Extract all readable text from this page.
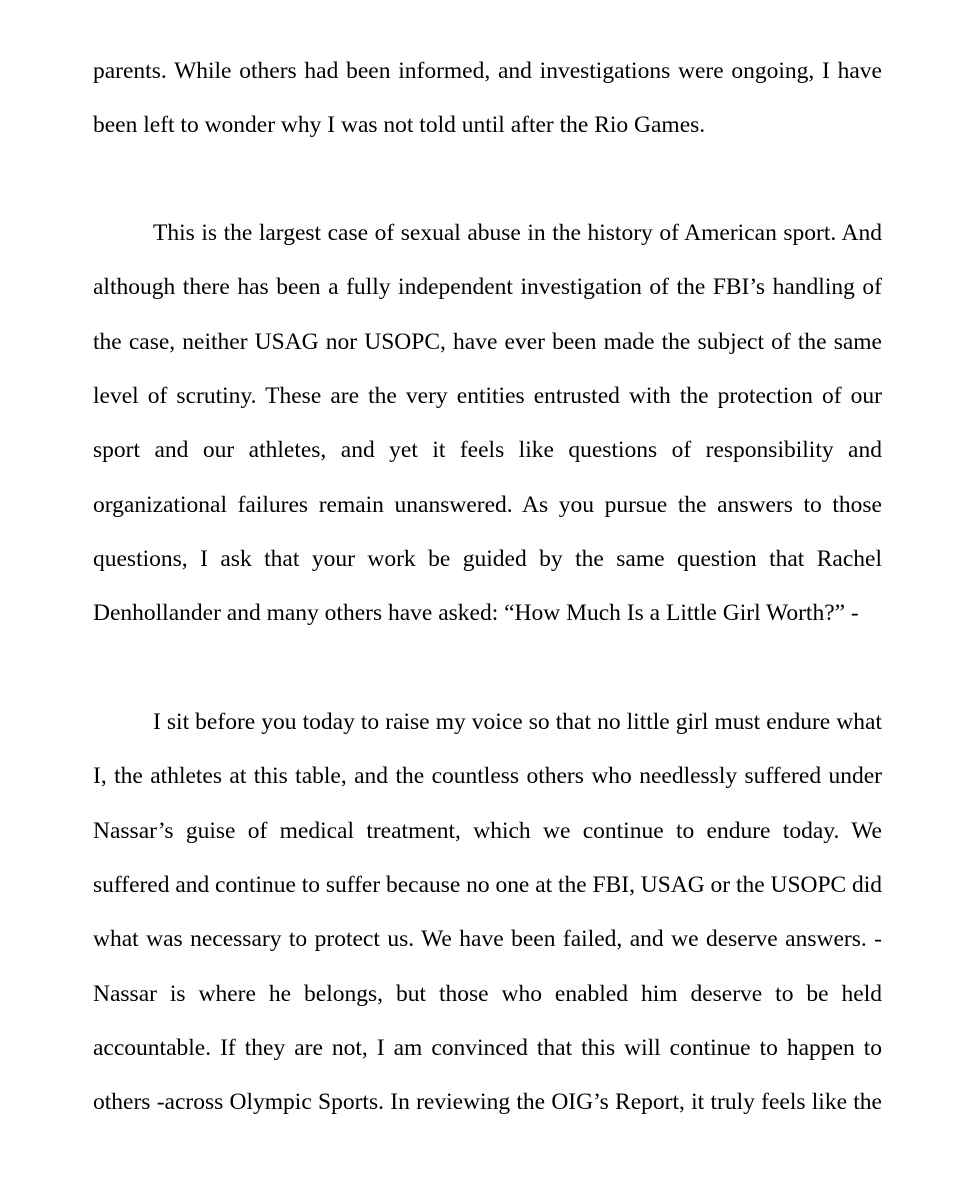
parents. While others had been informed, and investigations were ongoing, I have
been left to wonder why I was not told until after the Rio Games.
This is the largest case of sexual abuse in the history of American sport. And
although there has been a fully independent investigation of the FBI’s handling of
the case, neither USAG nor USOPC, have ever been made the subject of the same
level of scrutiny. These are the very entities entrusted with the protection of our
sport and our athletes, and yet it feels like questions of responsibility and
organizational failures remain unanswered. As you pursue the answers to those
questions, I ask that your work be guided by the same question that Rachel
Denhollander and many others have asked: “How Much Is a Little Girl Worth?” -
I sit before you today to raise my voice so that no little girl must endure what
I, the athletes at this table, and the countless others who needlessly suffered under
Nassar’s guise of medical treatment, which we continue to endure today. We
suffered and continue to suffer because no one at the FBI, USAG or the USOPC did
what was necessary to protect us. We have been failed, and we deserve answers. -
Nassar is where he belongs, but those who enabled him deserve to be held
accountable. If they are not, I am convinced that this will continue to happen to
others -across Olympic Sports. In reviewing the OIG’s Report, it truly feels like the
